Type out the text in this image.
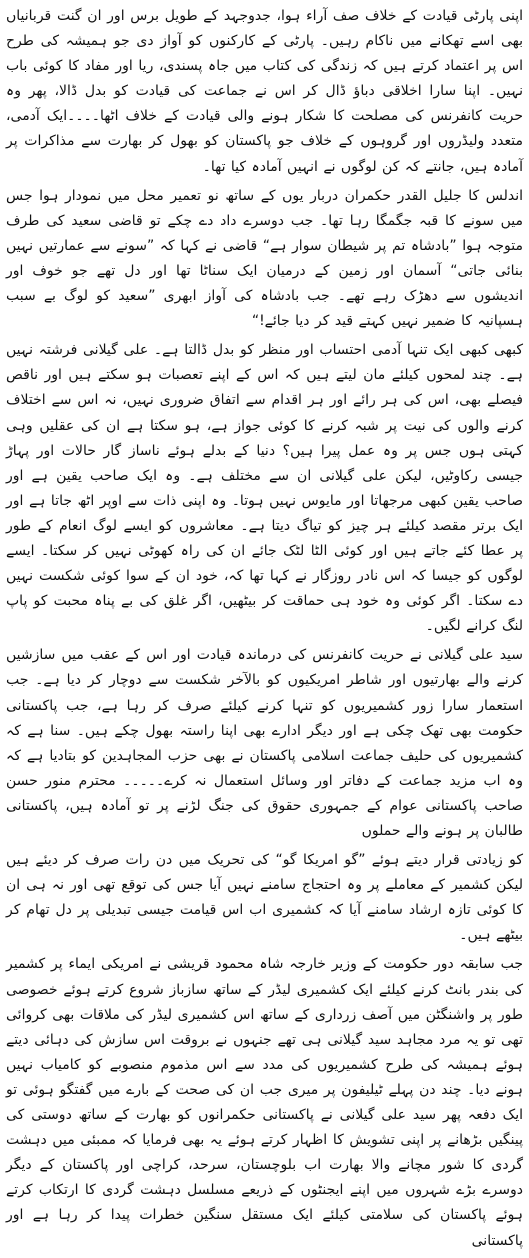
اپنی پارٹی قیادت کے خلاف صف آراء ہوا، جدوجہد کے طویل برس اور ان گنت قربانیاں بھی اسے تھکانے میں ناکام رہیں۔ پارٹی کے کارکنوں کو آواز دی جو ہمیشہ کی طرح اس پر اعتماد کرتے ہیں کہ زندگی کی کتاب میں جاہ پسندی، ریا اور مفاد کا کوئی باب نہیں۔ اپنا سارا اخلاقی دباؤ ڈال کر اس نے جماعت کی قیادت کو بدل ڈالا، پھر وہ حریت کانفرنس کی مصلحت کا شکار ہونے والی قیادت کے خلاف اٹھا۔۔۔۔ایک آدمی، متعدد ولیڈروں اور گروہوں کے خلاف جو پاکستان کو بھول کر بھارت سے مذاکرات پر آمادہ ہیں، جانتے کہ کن لوگوں نے انہیں آمادہ کیا تھا۔

اندلس کا جلیل القدر حکمران دربار یوں کے ساتھ نو تعمیر محل میں نمودار ہوا جس میں سونے کا قبہ جگمگا رہا تھا۔ جب دوسرے داد دے چکے تو قاضی سعید کی طرف متوجہ ہوا ”بادشاہ تم پر شیطان سوار ہے“ قاضی نے کہا کہ ”سونے سے عمارتیں نہیں بنائی جاتی“ آسمان اور زمین کے درمیان ایک سناٹا تھا اور دل تھے جو خوف اور اندیشوں سے دھڑک رہے تھے۔ جب بادشاہ کی آواز ابھری ”سعید کو لوگ بے سبب ہسپانیہ کا ضمیر نہیں کہتے قید کر دیا جائے!“

کبھی کبھی ایک تنہا آدمی احتساب اور منظر کو بدل ڈالتا ہے۔ علی گیلانی فرشتہ نہیں ہے۔ چند لمحوں کیلئے مان لیتے ہیں کہ اس کے اپنے تعصبات ہو سکتے ہیں اور ناقص فیصلے بھی، اس کی ہر رائے اور ہر اقدام سے اتفاق ضروری نہیں، نہ اس سے اختلاف کرنے والوں کی نیت پر شبہ کرنے کا کوئی جواز ہے، ہو سکتا ہے ان کی عقلیں وہی کہتی ہوں جس پر وہ عمل پیرا ہیں؟ دنیا کے بدلے ہوئے ناساز گار حالات اور پہاڑ جیسی رکاوٹیں، لیکن علی گیلانی ان سے مختلف ہے۔ وہ ایک صاحب یقین ہے اور صاحب یقین کبھی مرجھاتا اور مایوس نہیں ہوتا۔ وہ اپنی ذات سے اوپر اٹھ جاتا ہے اور ایک برتر مقصد کیلئے ہر چیز کو تیاگ دیتا ہے۔ معاشروں کو ایسے لوگ انعام کے طور پر عطا کئے جاتے ہیں اور کوئی الٹا لٹک جائے ان کی راہ کھوٹی نہیں کر سکتا۔ ایسے لوگوں کو جیسا کہ اس نادر روزگار نے کہا تھا کہ، خود ان کے سوا کوئی شکست نہیں دے سکتا۔ اگر کوئی وہ خود ہی حماقت کر بیٹھیں، اگر غلق کی بے پناہ محبت کو پاپ لنگ کرانے لگیں۔

سید علی گیلانی نے حریت کانفرنس کی درماندہ قیادت اور اس کے عقب میں سازشیں کرنے والے بھارتیوں اور شاطر امریکیوں کو بالآخر شکست سے دوچار کر دیا ہے۔ جب استعمار سارا زور کشمیریوں کو تنہا کرنے کیلئے صرف کر رہا ہے، جب پاکستانی حکومت بھی تھک چکی ہے اور دیگر ادارے بھی اپنا راستہ بھول چکے ہیں۔ سنا ہے کہ کشمیریوں کی حلیف جماعت اسلامی پاکستان نے بھی حزب المجاہدین کو بتادیا ہے کہ وہ اب مزید جماعت کے دفاتر اور وسائل استعمال نہ کرے۔۔۔۔۔ محترم منور حسن صاحب پاکستانی عوام کے جمہوری حقوق کی جنگ لڑنے پر تو آمادہ ہیں، پاکستانی طالبان پر ہونے والے حملوں

کو زیادتی قرار دیتے ہوئے ”گو امریکا گو“ کی تحریک میں دن رات صرف کر دیئے ہیں لیکن کشمیر کے معاملے پر وہ احتجاج سامنے نہیں آیا جس کی توقع تھی اور نہ ہی ان کا کوئی تازہ ارشاد سامنے آیا کہ کشمیری اب اس قیامت جیسی تبدیلی پر دل تھام کر بیٹھے ہیں۔

جب سابقہ دور حکومت کے وزیر خارجہ شاہ محمود قریشی نے امریکی ایماء پر کشمیر کی بندر بانٹ کرنے کیلئے ایک کشمیری لیڈر کے ساتھ سازباز شروع کرتے ہوئے خصوصی طور پر واشنگٹن میں آصف زرداری کے ساتھ اس کشمیری لیڈر کی ملاقات بھی کروائی تھی تو یہ مرد مجاہد سید گیلانی ہی تھے جنہوں نے بروقت اس سازش کی دہائی دیتے ہوئے ہمیشہ کی طرح کشمیریوں کی مدد سے اس مذموم منصوبے کو کامیاب نہیں ہونے دیا۔ چند دن پہلے ٹیلیفون پر میری جب ان کی صحت کے بارے میں گفتگو ہوئی تو ایک دفعہ پھر سید علی گیلانی نے پاکستانی حکمرانوں کو بھارت کے ساتھ دوستی کی پینگیں بڑھانے پر اپنی تشویش کا اظہار کرتے ہوئے یہ بھی فرمایا کہ ممبئی میں دہشت گردی کا شور مچانے والا بھارت اب بلوچستان، سرحد، کراچی اور پاکستان کے دیگر دوسرے بڑے شہروں میں اپنے ایجنٹوں کے ذریعے مسلسل دہشت گردی کا ارتکاب کرتے ہوئے پاکستان کی سلامتی کیلئے ایک مستقل سنگین خطرات پیدا کر رہا ہے اور پاکستانی
